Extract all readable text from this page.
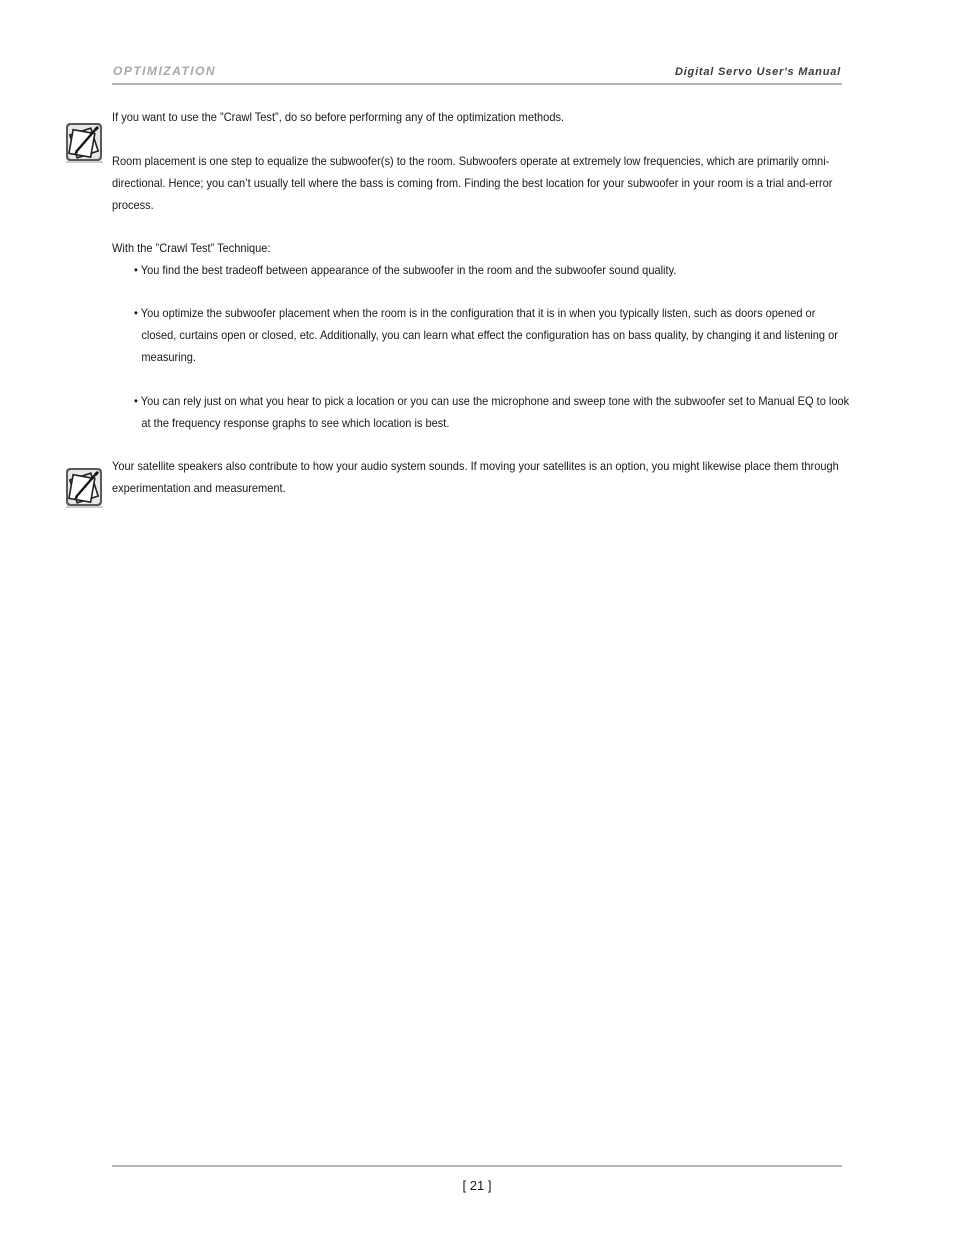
OPTIMIZATION	Digital Servo User's Manual
If you want to use the ”Crawl Test”, do so before performing any of the optimization methods.
Room placement is one step to equalize the subwoofer(s) to the room. Subwoofers operate at extremely low frequencies, which are primarily omni-directional. Hence; you can’t usually tell where the bass is coming from. Finding the best location for your subwoofer in your room is a trial and-error process.
With the ”Crawl Test” Technique:
• You find the best tradeoff between appearance of the subwoofer in the room and the subwoofer sound quality.
• You optimize the subwoofer placement when the room is in the configuration that it is in when you typically listen, such as doors opened or closed, curtains open or closed, etc. Additionally, you can learn what effect the configuration has on bass quality, by changing it and listening or measuring.
• You can rely just on what you hear to pick a location or you can use the microphone and sweep tone with the subwoofer set to Manual EQ to look at the frequency response graphs to see which location is best.
Your satellite speakers also contribute to how your audio system sounds. If moving your satellites is an option, you might likewise place them through experimentation and measurement.
[ 21 ]
